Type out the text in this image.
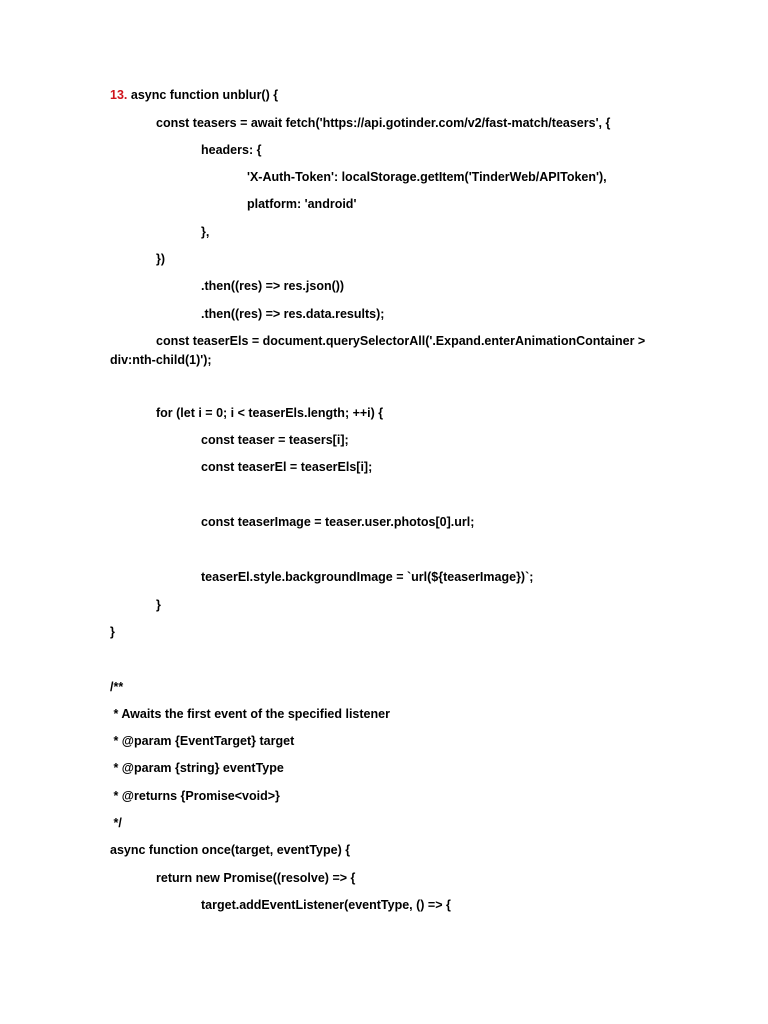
13. async function unblur() {
const teasers = await fetch('https://api.gotinder.com/v2/fast-match/teasers', {
headers: {
'X-Auth-Token': localStorage.getItem('TinderWeb/APIToken'),
platform: 'android'
},
})
.then((res) => res.json())
.then((res) => res.data.results);
const teaserEls = document.querySelectorAll('.Expand.enterAnimationContainer >
div:nth-child(1)');
for (let i = 0; i < teaserEls.length; ++i) {
const teaser = teasers[i];
const teaserEl = teaserEls[i];
const teaserImage = teaser.user.photos[0].url;
teaserEl.style.backgroundImage = `url(${teaserImage})`;
}
}
/**
* Awaits the first event of the specified listener
* @param {EventTarget} target
* @param {string} eventType
* @returns {Promise<void>}
*/
async function once(target, eventType) {
return new Promise((resolve) => {
target.addEventListener(eventType, () => {
